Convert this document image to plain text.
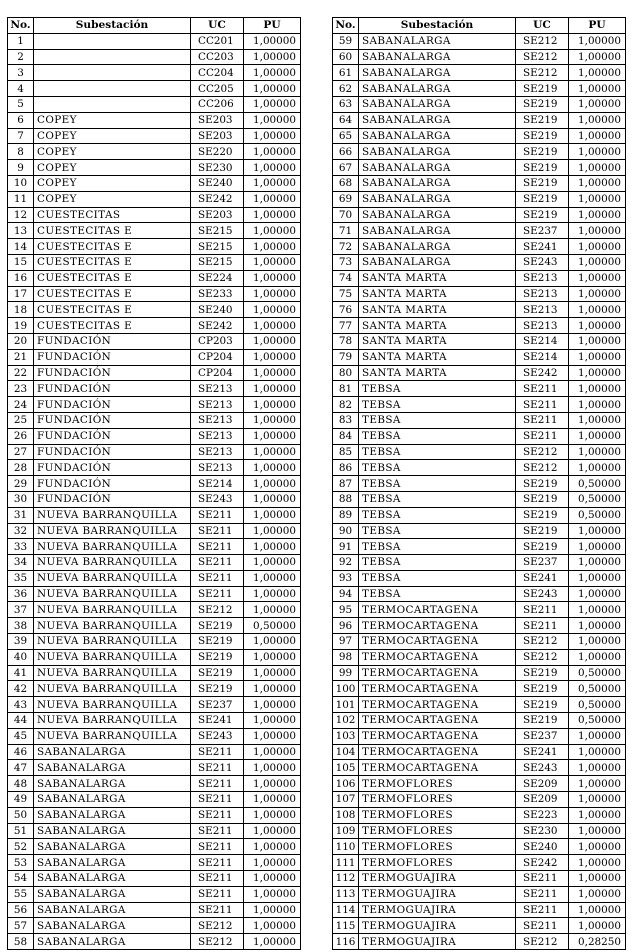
No.	Subestación	UC	PU
1		CC201	1,00000
2		CC203	1,00000
3		CC204	1,00000
4		CC205	1,00000
5		CC206	1,00000
6	COPEY	SE203	1,00000
7	COPEY	SE203	1,00000
8	COPEY	SE220	1,00000
9	COPEY	SE230	1,00000
10	COPEY	SE240	1,00000
11	COPEY	SE242	1,00000
12	CUESTECITAS	SE203	1,00000
13	CUESTECITAS E	SE215	1,00000
14	CUESTECITAS E	SE215	1,00000
15	CUESTECITAS E	SE215	1,00000
16	CUESTECITAS E	SE224	1,00000
17	CUESTECITAS E	SE233	1,00000
18	CUESTECITAS E	SE240	1,00000
19	CUESTECITAS E	SE242	1,00000
20	FUNDACIÓN	CP203	1,00000
21	FUNDACIÓN	CP204	1,00000
22	FUNDACIÓN	CP204	1,00000
23	FUNDACIÓN	SE213	1,00000
24	FUNDACIÓN	SE213	1,00000
25	FUNDACIÓN	SE213	1,00000
26	FUNDACIÓN	SE213	1,00000
27	FUNDACIÓN	SE213	1,00000
28	FUNDACIÓN	SE213	1,00000
29	FUNDACIÓN	SE214	1,00000
30	FUNDACIÓN	SE243	1,00000
31	NUEVA BARRANQUILLA	SE211	1,00000
32	NUEVA BARRANQUILLA	SE211	1,00000
33	NUEVA BARRANQUILLA	SE211	1,00000
34	NUEVA BARRANQUILLA	SE211	1,00000
35	NUEVA BARRANQUILLA	SE211	1,00000
36	NUEVA BARRANQUILLA	SE211	1,00000
37	NUEVA BARRANQUILLA	SE212	1,00000
38	NUEVA BARRANQUILLA	SE219	0,50000
39	NUEVA BARRANQUILLA	SE219	1,00000
40	NUEVA BARRANQUILLA	SE219	1,00000
41	NUEVA BARRANQUILLA	SE219	1,00000
42	NUEVA BARRANQUILLA	SE219	1,00000
43	NUEVA BARRANQUILLA	SE237	1,00000
44	NUEVA BARRANQUILLA	SE241	1,00000
45	NUEVA BARRANQUILLA	SE243	1,00000
46	SABANALARGA	SE211	1,00000
47	SABANALARGA	SE211	1,00000
48	SABANALARGA	SE211	1,00000
49	SABANALARGA	SE211	1,00000
50	SABANALARGA	SE211	1,00000
51	SABANALARGA	SE211	1,00000
52	SABANALARGA	SE211	1,00000
53	SABANALARGA	SE211	1,00000
54	SABANALARGA	SE211	1,00000
55	SABANALARGA	SE211	1,00000
56	SABANALARGA	SE211	1,00000
57	SABANALARGA	SE212	1,00000
58	SABANALARGA	SE212	1,00000
No.	Subestación	UC	PU
59	SABANALARGA	SE212	1,00000
60	SABANALARGA	SE212	1,00000
61	SABANALARGA	SE212	1,00000
62	SABANALARGA	SE219	1,00000
63	SABANALARGA	SE219	1,00000
64	SABANALARGA	SE219	1,00000
65	SABANALARGA	SE219	1,00000
66	SABANALARGA	SE219	1,00000
67	SABANALARGA	SE219	1,00000
68	SABANALARGA	SE219	1,00000
69	SABANALARGA	SE219	1,00000
70	SABANALARGA	SE219	1,00000
71	SABANALARGA	SE237	1,00000
72	SABANALARGA	SE241	1,00000
73	SABANALARGA	SE243	1,00000
74	SANTA MARTA	SE213	1,00000
75	SANTA MARTA	SE213	1,00000
76	SANTA MARTA	SE213	1,00000
77	SANTA MARTA	SE213	1,00000
78	SANTA MARTA	SE214	1,00000
79	SANTA MARTA	SE214	1,00000
80	SANTA MARTA	SE242	1,00000
81	TEBSA	SE211	1,00000
82	TEBSA	SE211	1,00000
83	TEBSA	SE211	1,00000
84	TEBSA	SE211	1,00000
85	TEBSA	SE212	1,00000
86	TEBSA	SE212	1,00000
87	TEBSA	SE219	0,50000
88	TEBSA	SE219	0,50000
89	TEBSA	SE219	0,50000
90	TEBSA	SE219	1,00000
91	TEBSA	SE219	1,00000
92	TEBSA	SE237	1,00000
93	TEBSA	SE241	1,00000
94	TEBSA	SE243	1,00000
95	TERMOCARTAGENA	SE211	1,00000
96	TERMOCARTAGENA	SE211	1,00000
97	TERMOCARTAGENA	SE212	1,00000
98	TERMOCARTAGENA	SE212	1,00000
99	TERMOCARTAGENA	SE219	0,50000
100	TERMOCARTAGENA	SE219	0,50000
101	TERMOCARTAGENA	SE219	0,50000
102	TERMOCARTAGENA	SE219	0,50000
103	TERMOCARTAGENA	SE237	1,00000
104	TERMOCARTAGENA	SE241	1,00000
105	TERMOCARTAGENA	SE243	1,00000
106	TERMOFLORES	SE209	1,00000
107	TERMOFLORES	SE209	1,00000
108	TERMOFLORES	SE223	1,00000
109	TERMOFLORES	SE230	1,00000
110	TERMOFLORES	SE240	1,00000
111	TERMOFLORES	SE242	1,00000
112	TERMOGUAJIRA	SE211	1,00000
113	TERMOGUAJIRA	SE211	1,00000
114	TERMOGUAJIRA	SE211	1,00000
115	TERMOGUAJIRA	SE211	1,00000
116	TERMOGUAJIRA	SE212	0,28250
